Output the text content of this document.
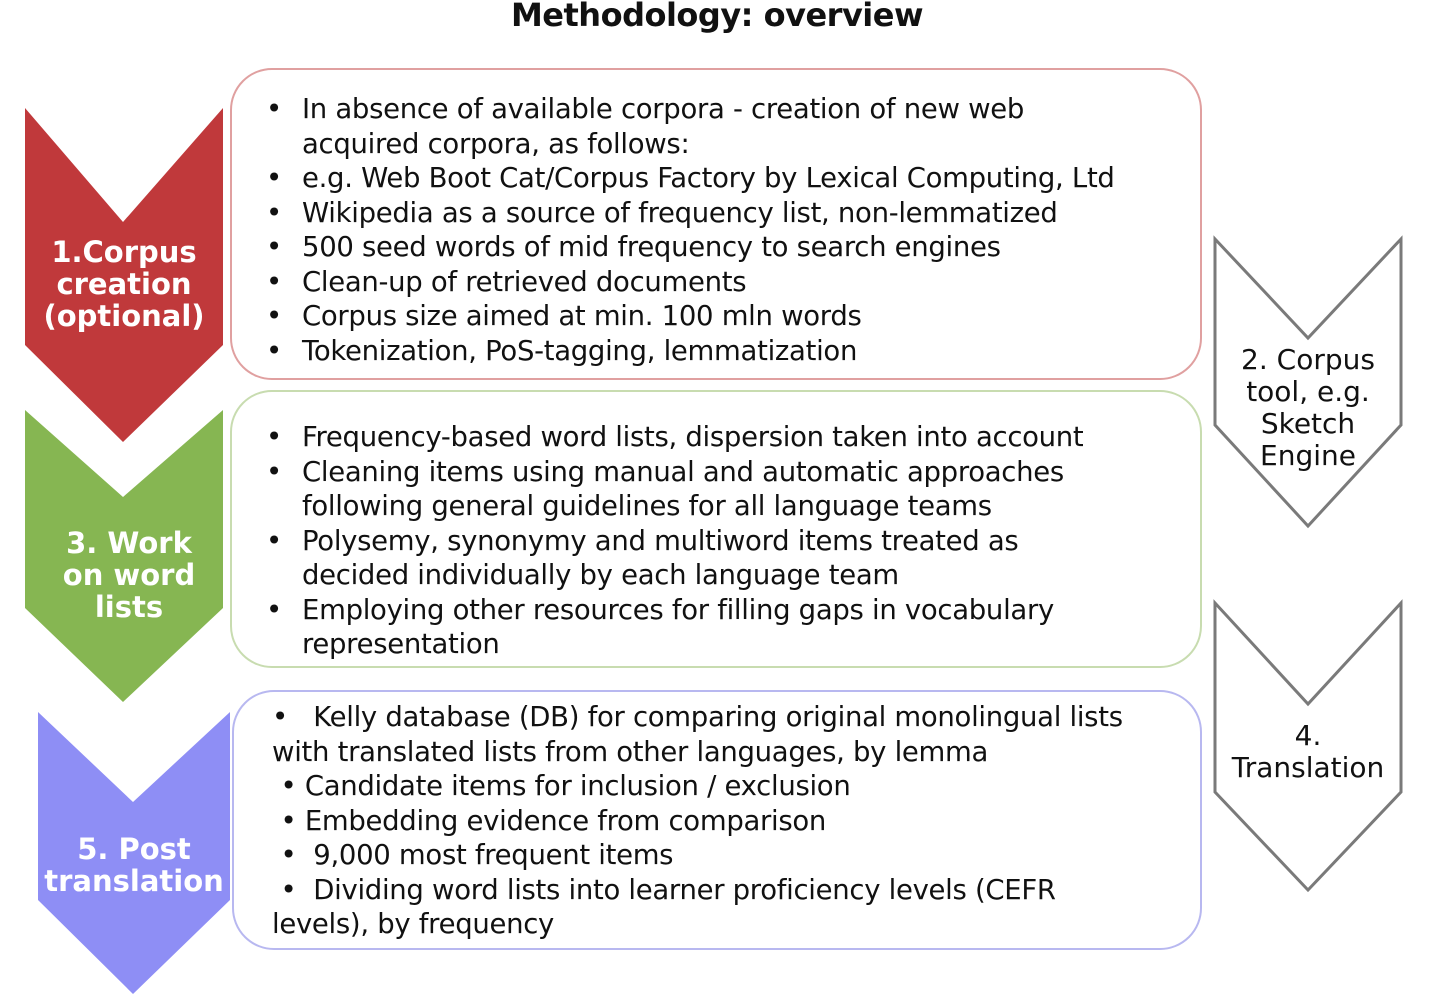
Methodology: overview
1.Corpus
creation
(optional)
2. Corpus
tool, e.g.
Sketch
Engine
3. Work
on word
lists
4.
Translation
5. Post
translation
• In absence of available corpora - creation of new web acquired corpora, as follows:
• e.g. Web Boot Cat/Corpus Factory by Lexical Computing, Ltd
• Wikipedia as a source of frequency list, non-lemmatized
• 500 seed words of mid frequency to search engines
• Clean-up of retrieved documents
• Corpus size aimed at min. 100 mln words
• Tokenization, PoS-tagging, lemmatization
• Frequency-based word lists, dispersion taken into account
• Cleaning items using manual and automatic approaches following general guidelines for all language teams
• Polysemy, synonymy and multiword items treated as decided individually by each language team
• Employing other resources for filling gaps in vocabulary representation
•   Kelly database (DB) for comparing original monolingual lists with translated lists from other languages, by lemma
• Candidate items for inclusion / exclusion
• Embedding evidence from comparison
•  9,000 most frequent items
•  Dividing word lists into learner proficiency levels (CEFR levels), by frequency
